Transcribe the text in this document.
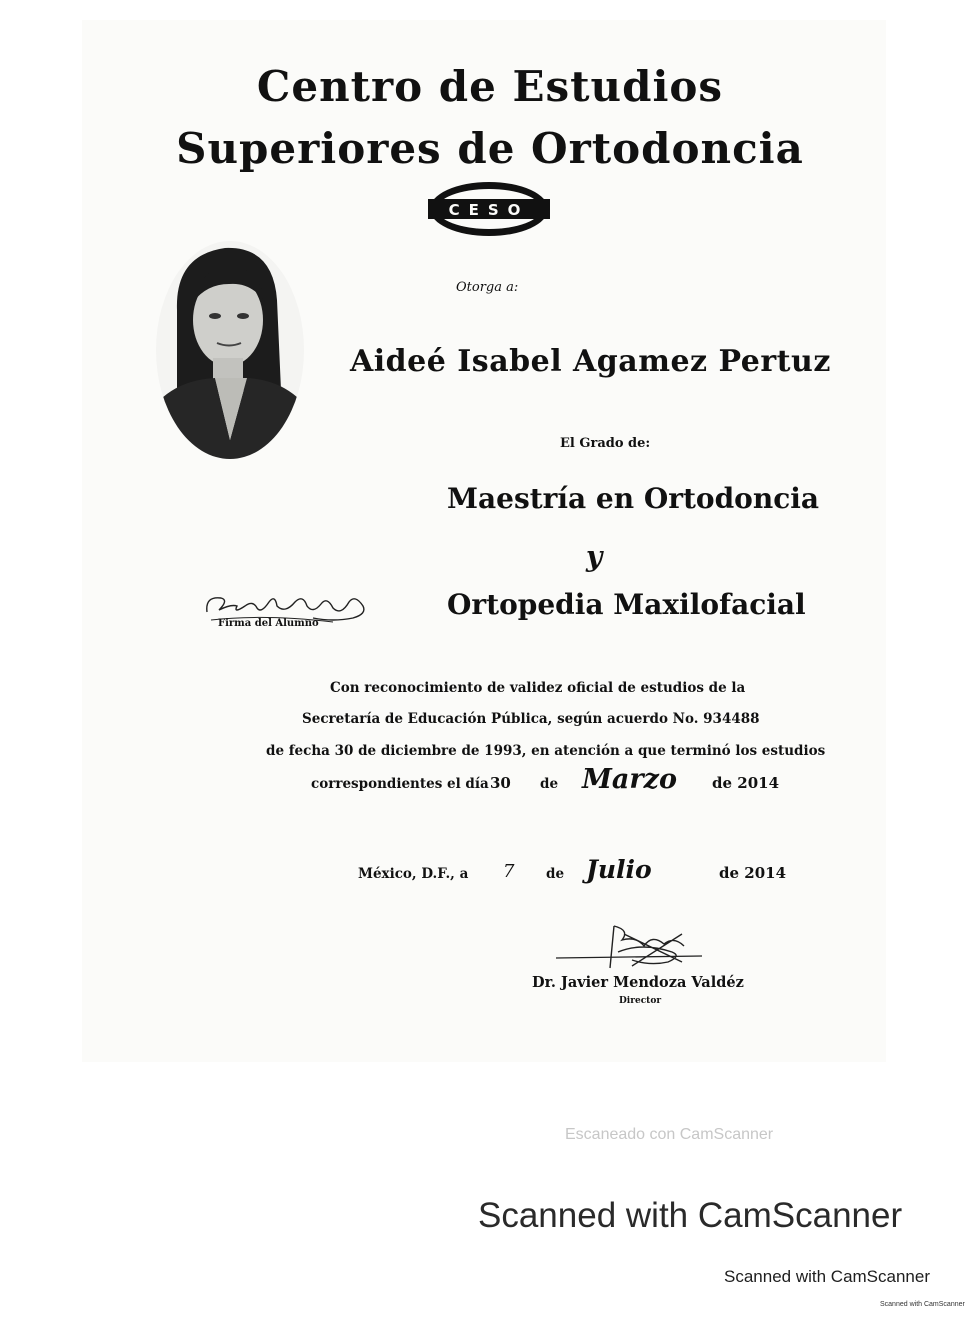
Centro de Estudios
Superiores de Ortodoncia
CESO
Otorga a:
Aideé Isabel Agamez Pertuz
El Grado de:
Maestría en Ortodoncia
y
Ortopedia Maxilofacial
Firma del Alumno
Con reconocimiento de validez oficial de estudios de la
Secretaría de Educación Pública, según acuerdo No. 934488
de fecha 30 de diciembre de 1993, en atención a que terminó los estudios
correspondientes el día 30 de Marzo de 2014
México, D.F., a 7 de Julio	de 2014
Dr. Javier Mendoza Valdéz
Director
Escaneado con CamScanner
Scanned with CamScanner
Scanned with CamScanner
Scanned with CamScanner
